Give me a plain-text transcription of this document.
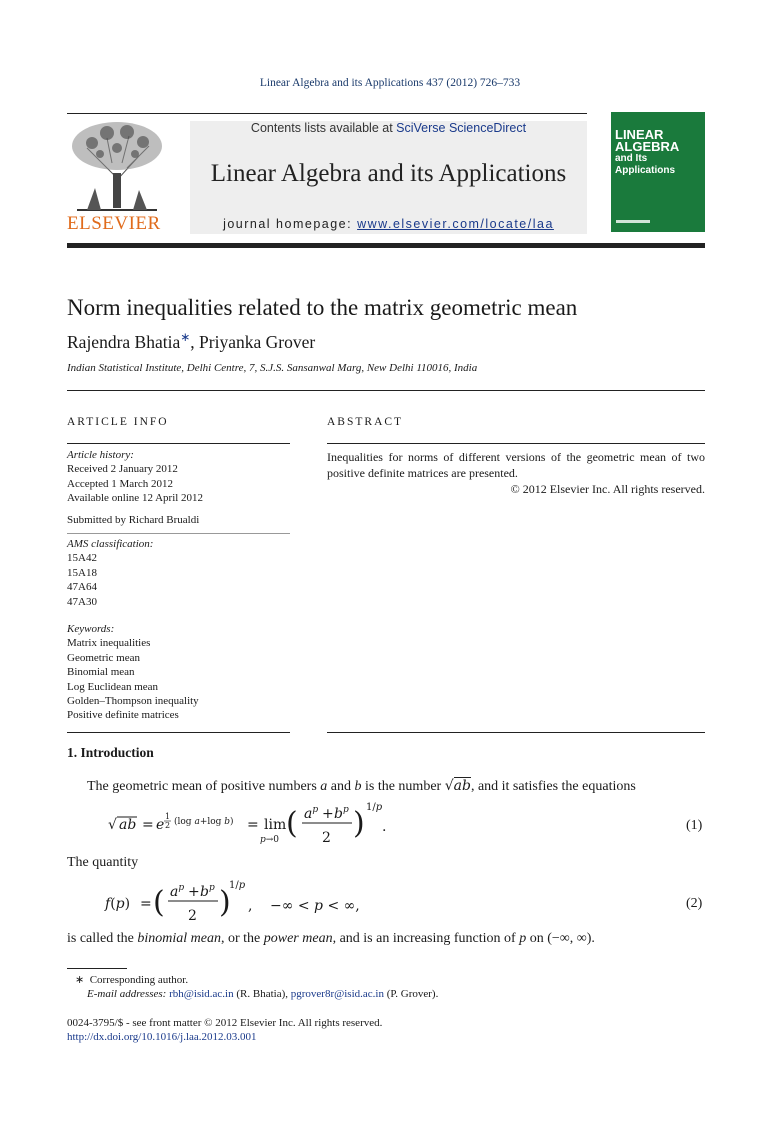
Linear Algebra and its Applications 437 (2012) 726–733
ELSEVIER
Contents lists available at SciVerse ScienceDirect
Linear Algebra and its Applications
journal homepage: www.elsevier.com/locate/laa
LINEAR
ALGEBRA
and Its
Applications
Norm inequalities related to the matrix geometric mean
Rajendra Bhatia∗, Priyanka Grover
Indian Statistical Institute, Delhi Centre, 7, S.J.S. Sansanwal Marg, New Delhi 110016, India
ARTICLE INFO
Article history:
Received 2 January 2012
Accepted 1 March 2012
Available online 12 April 2012
Submitted by Richard Brualdi
AMS classification:
15A42
15A18
47A64
47A30
Keywords:
Matrix inequalities
Geometric mean
Binomial mean
Log Euclidean mean
Golden–Thompson inequality
Positive definite matrices
ABSTRACT
Inequalities for norms of different versions of the geometric mean of two positive definite matrices are presented.
© 2012 Elsevier Inc. All rights reserved.
1. Introduction
The geometric mean of positive numbers a and b is the number √ab, and it satisfies the equations
√ ab = e
1
2 (log a+log b) = lim
p→0 ( $a^p + b^p$
2 ) 1/p
.	(1)
The quantity
f(p) = ( $a^p + b^p$
2 )
1/p
, −∞ < p < ∞,	(2)
is called the binomial mean, or the power mean, and is an increasing function of p on (−∞, ∞).
∗ Corresponding author.
E-mail addresses: rbh@isid.ac.in (R. Bhatia), pgrover8r@isid.ac.in (P. Grover).
0024-3795/$ - see front matter © 2012 Elsevier Inc. All rights reserved.
http://dx.doi.org/10.1016/j.laa.2012.03.001
